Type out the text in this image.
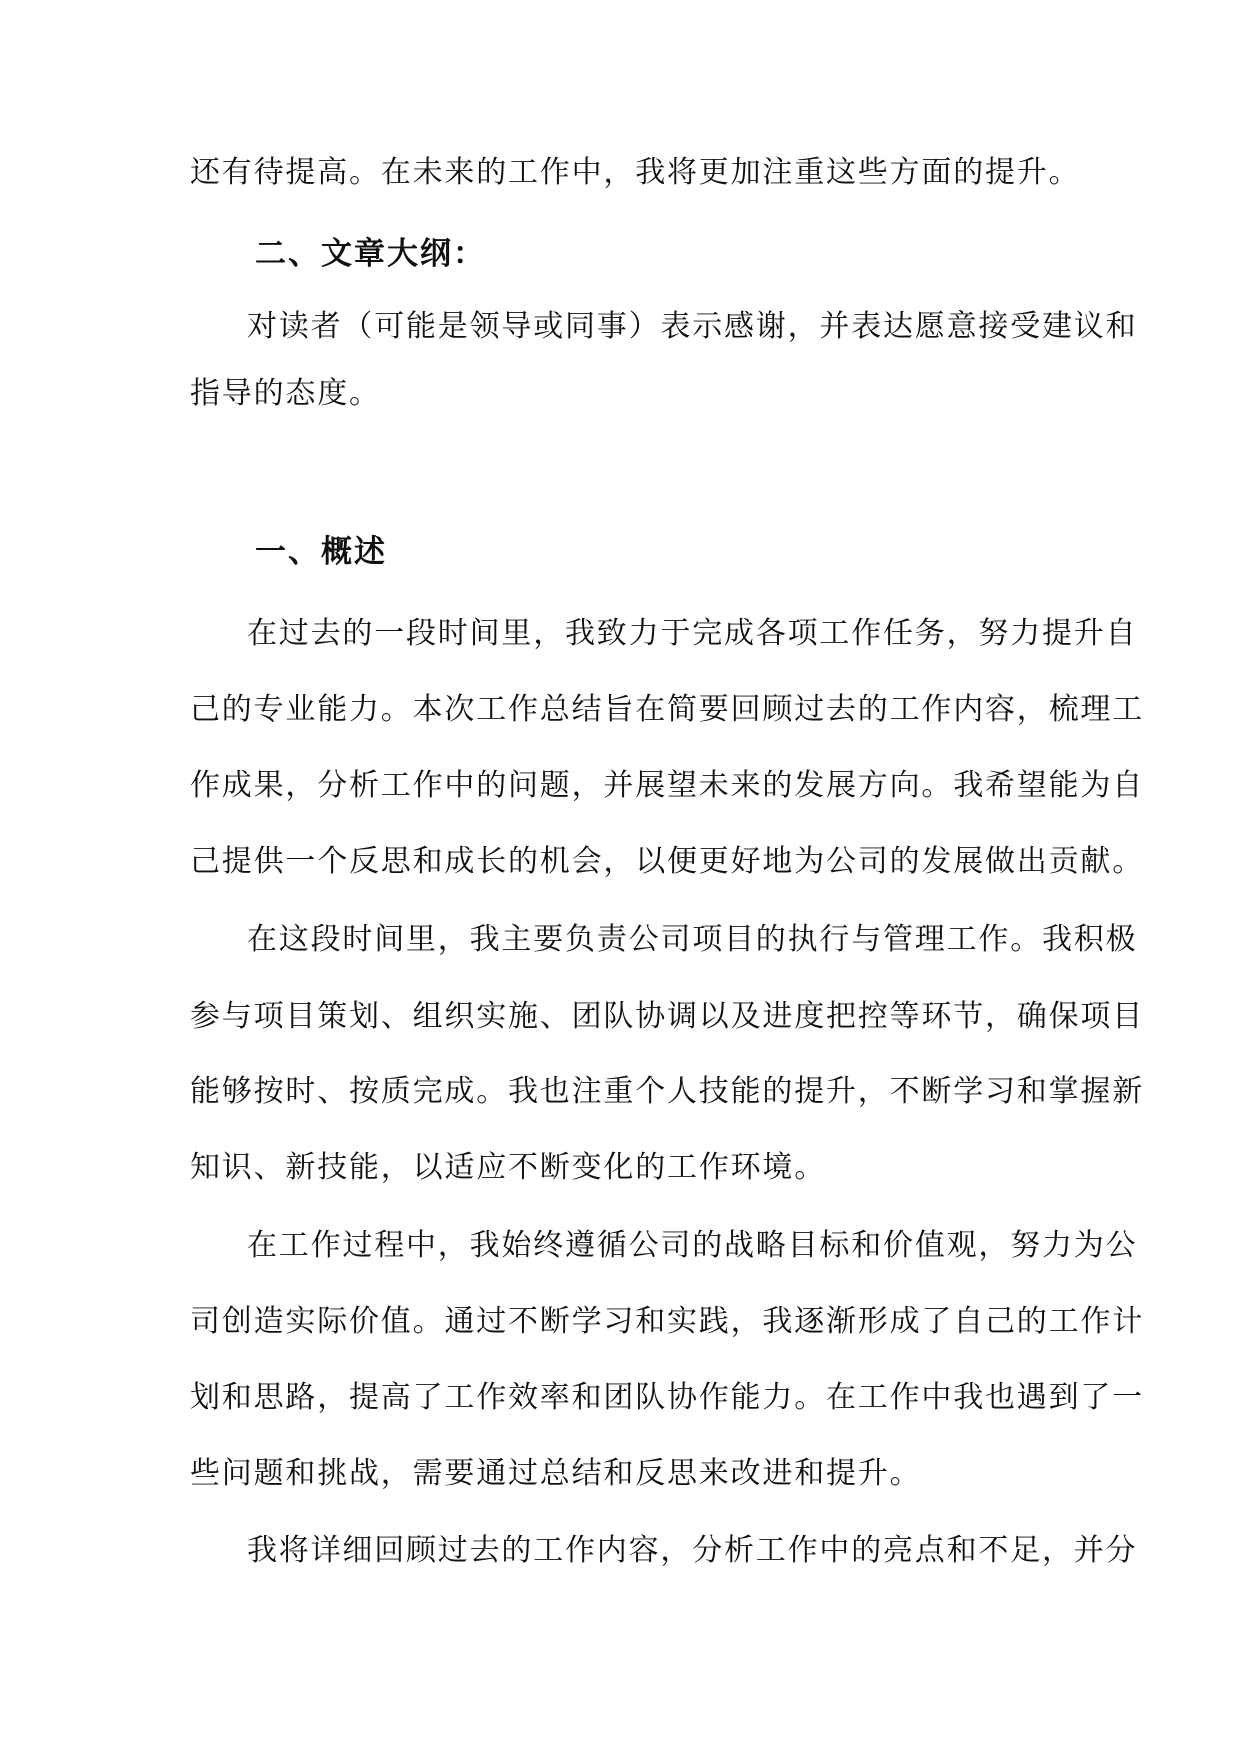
还有待提高。在未来的工作中，我将更加注重这些方面的提升。

二、文章大纲：

对读者（可能是领导或同事）表示感谢，并表达愿意接受建议和

指导的态度。

一、概述

在过去的一段时间里，我致力于完成各项工作任务，努力提升自

己的专业能力。本次工作总结旨在简要回顾过去的工作内容，梳理工

作成果，分析工作中的问题，并展望未来的发展方向。我希望能为自

己提供一个反思和成长的机会，以便更好地为公司的发展做出贡献。

在这段时间里，我主要负责公司项目的执行与管理工作。我积极

参与项目策划、组织实施、团队协调以及进度把控等环节，确保项目

能够按时、按质完成。我也注重个人技能的提升，不断学习和掌握新

知识、新技能，以适应不断变化的工作环境。

在工作过程中，我始终遵循公司的战略目标和价值观，努力为公

司创造实际价值。通过不断学习和实践，我逐渐形成了自己的工作计

划和思路，提高了工作效率和团队协作能力。在工作中我也遇到了一

些问题和挑战，需要通过总结和反思来改进和提升。

我将详细回顾过去的工作内容，分析工作中的亮点和不足，并分
